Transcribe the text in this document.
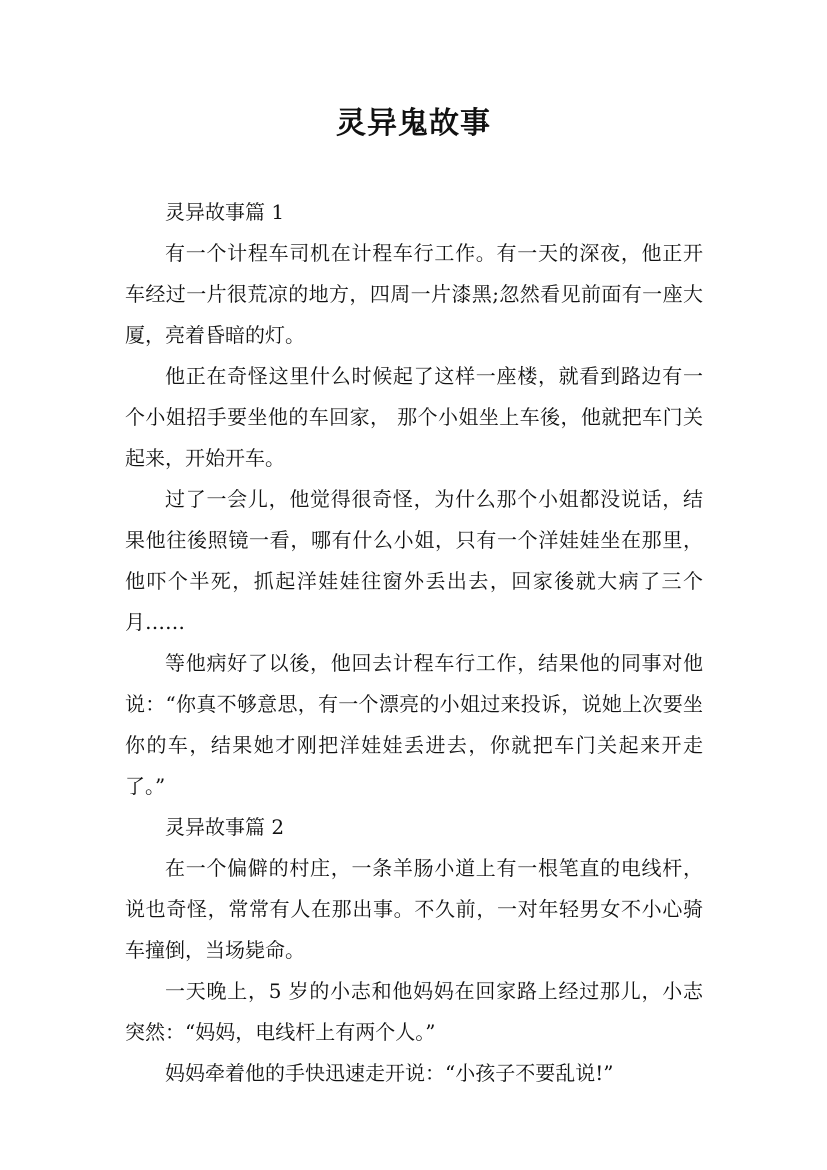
灵异鬼故事

灵异故事篇 1

有一个计程车司机在计程车行工作。有一天的深夜，他正开车经过一片很荒凉的地方，四周一片漆黑;忽然看见前面有一座大厦，亮着昏暗的灯。

他正在奇怪这里什么时候起了这样一座楼，就看到路边有一个小姐招手要坐他的车回家， 那个小姐坐上车後，他就把车门关起来，开始开车。

过了一会儿，他觉得很奇怪，为什么那个小姐都没说话，结果他往後照镜一看，哪有什么小姐，只有一个洋娃娃坐在那里，他吓个半死，抓起洋娃娃往窗外丢出去，回家後就大病了三个月……

等他病好了以後，他回去计程车行工作，结果他的同事对他说：“你真不够意思，有一个漂亮的小姐过来投诉，说她上次要坐你的车，结果她才刚把洋娃娃丢进去，你就把车门关起来开走了。”

灵异故事篇 2

在一个偏僻的村庄，一条羊肠小道上有一根笔直的电线杆，说也奇怪，常常有人在那出事。不久前，一对年轻男女不小心骑车撞倒，当场毙命。

一天晚上，5 岁的小志和他妈妈在回家路上经过那儿，小志突然：“妈妈，电线杆上有两个人。”

妈妈牵着他的手快迅速走开说：“小孩子不要乱说!”
